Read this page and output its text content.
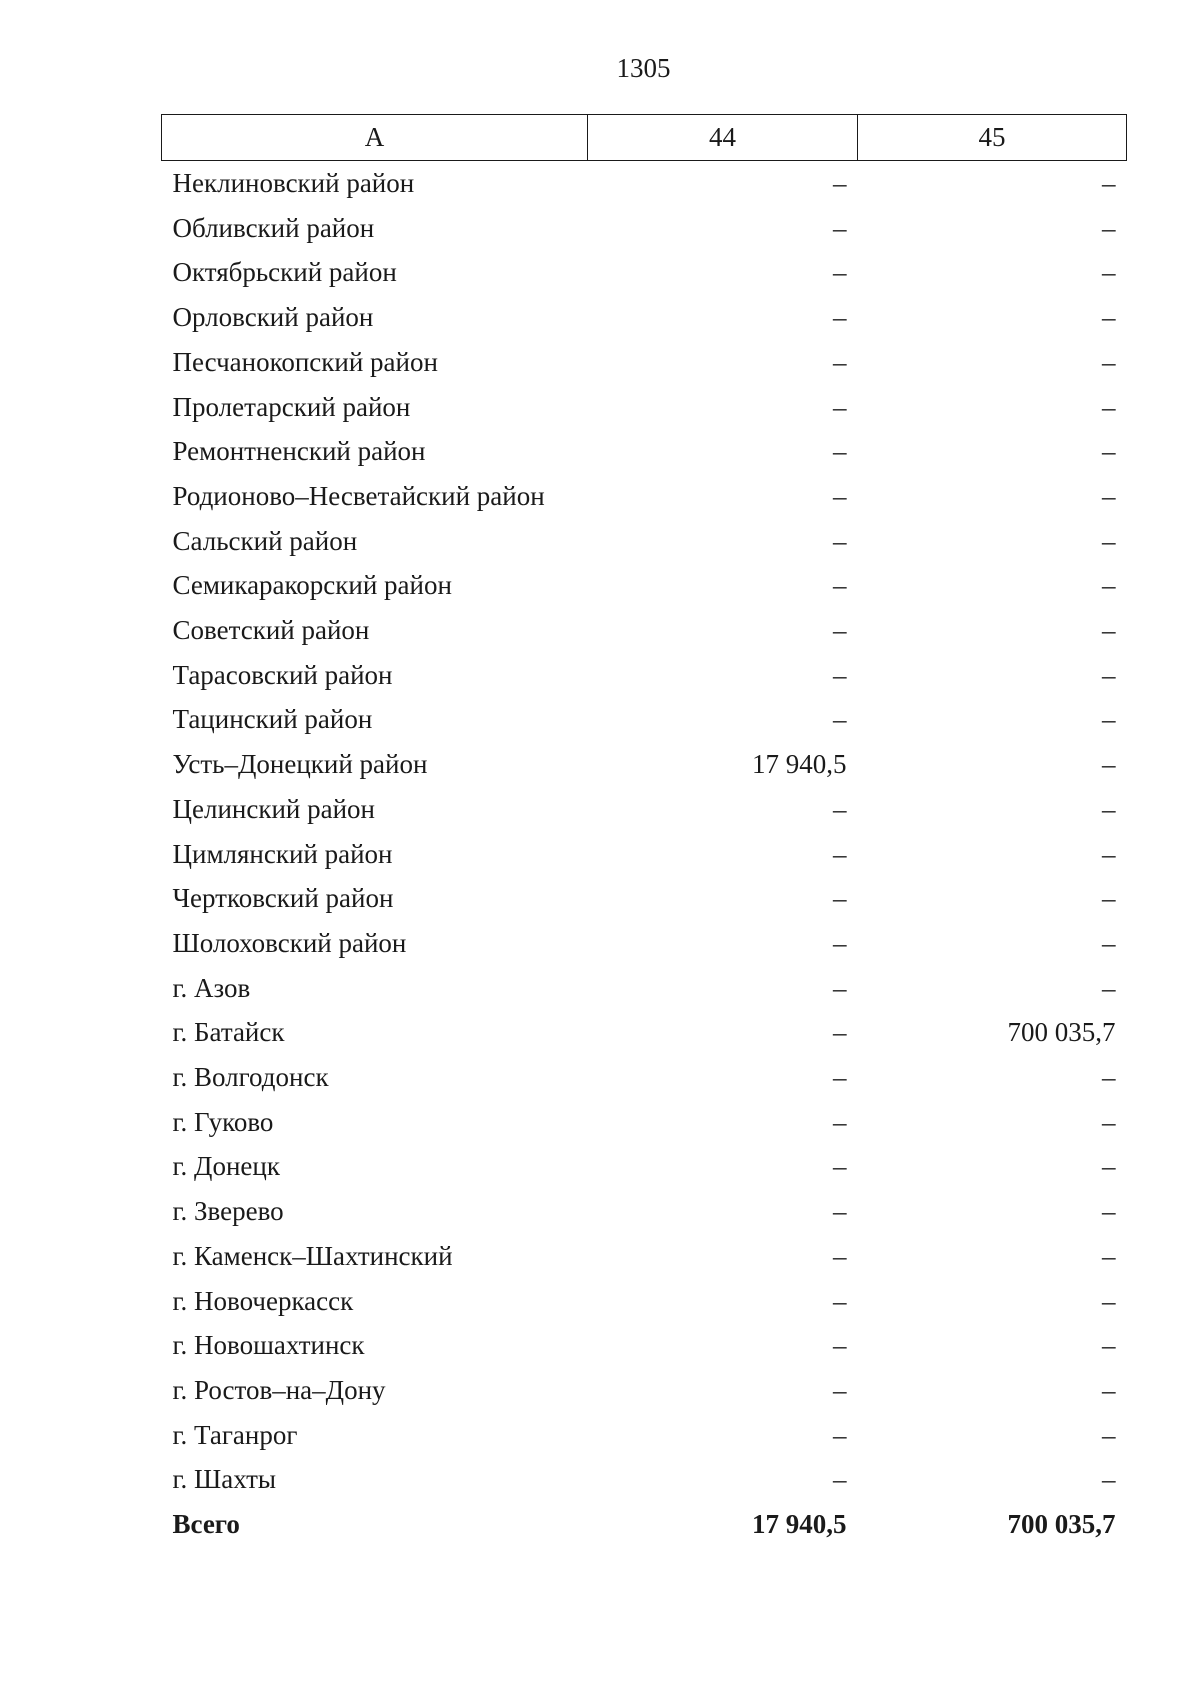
1305
А	44	45
Неклиновский район	–	–
Обливский район	–	–
Октябрьский район	–	–
Орловский район	–	–
Песчанокопский район	–	–
Пролетарский район	–	–
Ремонтненский район	–	–
Родионово–Несветайский район	–	–
Сальский район	–	–
Семикаракорский район	–	–
Советский район	–	–
Тарасовский район	–	–
Тацинский район	–	–
Усть–Донецкий район	17 940,5	–
Целинский район	–	–
Цимлянский район	–	–
Чертковский район	–	–
Шолоховский район	–	–
г. Азов	–	–
г. Батайск	–	700 035,7
г. Волгодонск	–	–
г. Гуково	–	–
г. Донецк	–	–
г. Зверево	–	–
г. Каменск–Шахтинский	–	–
г. Новочеркасск	–	–
г. Новошахтинск	–	–
г. Ростов–на–Дону	–	–
г. Таганрог	–	–
г. Шахты	–	–
Всего	17 940,5	700 035,7
